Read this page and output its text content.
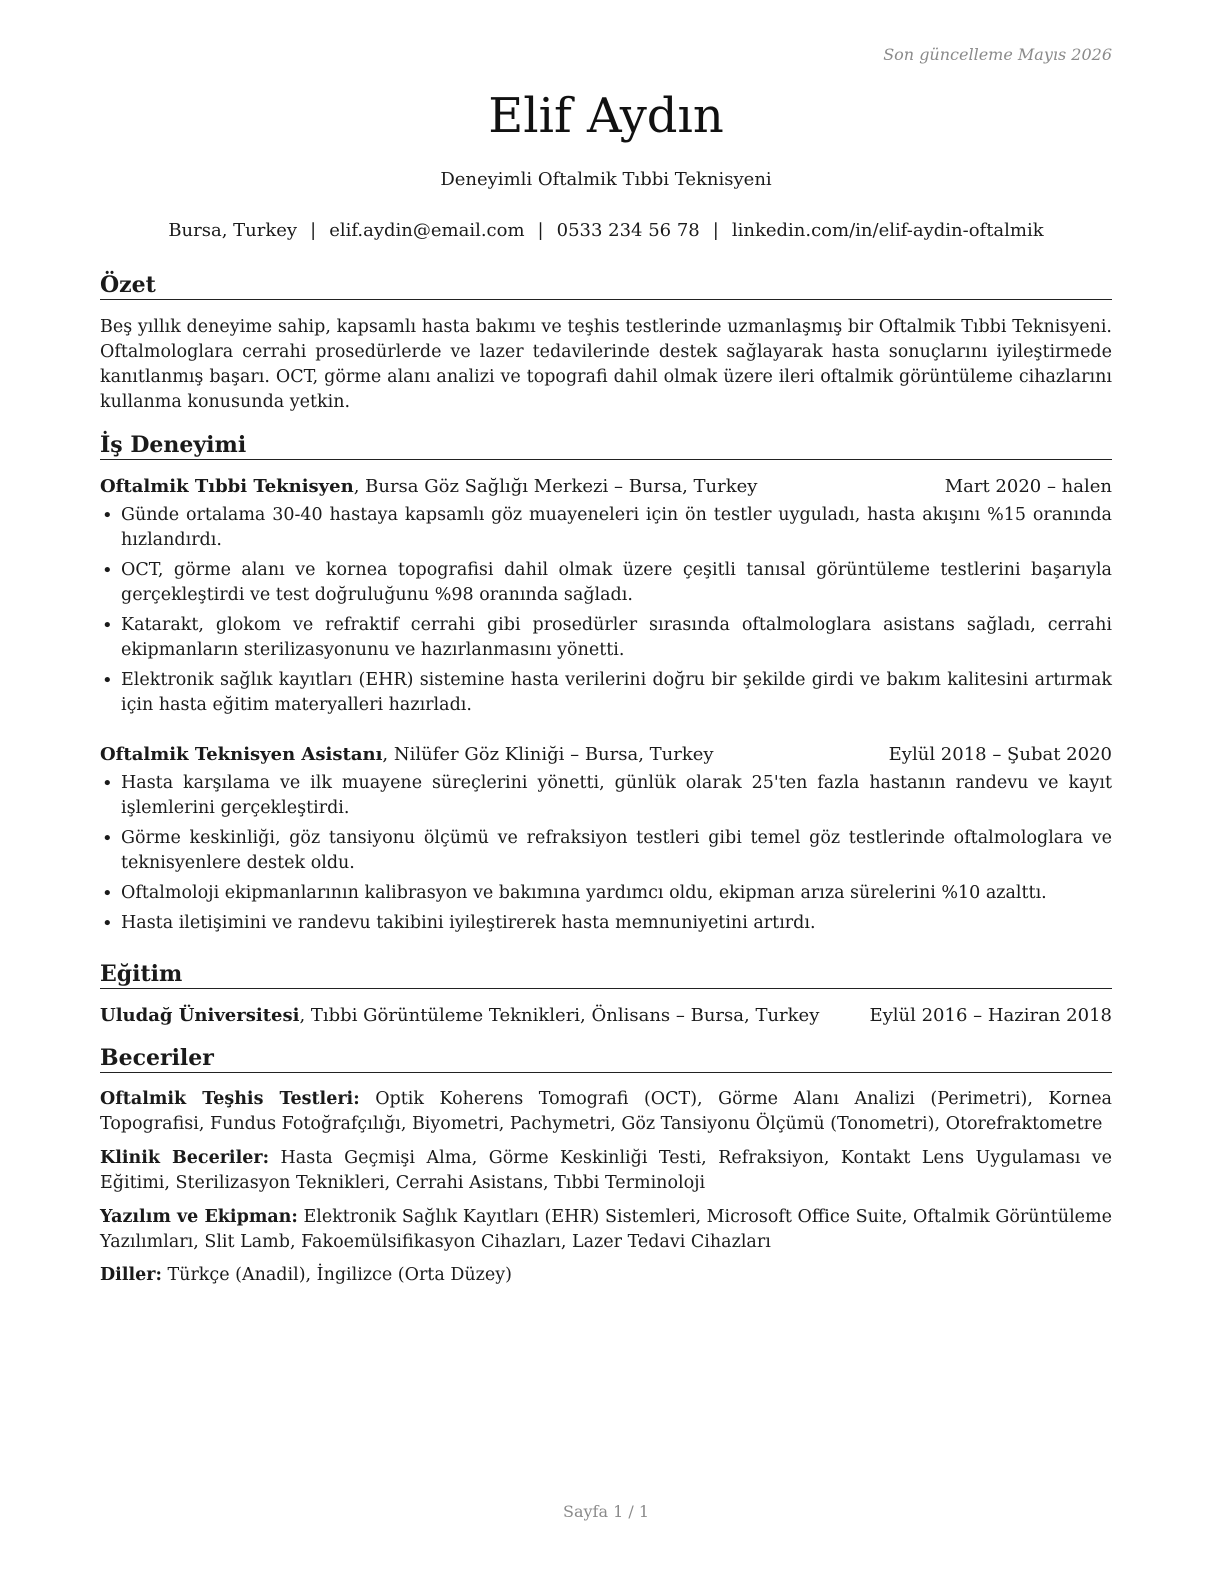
Son güncelleme Mayıs 2026
Elif Aydın
Deneyimli Oftalmik Tıbbi Teknisyeni
Bursa, Turkey | elif.aydin@email.com | 0533 234 56 78 | linkedin.com/in/elif-aydin-oftalmik
Özet
Beş yıllık deneyime sahip, kapsamlı hasta bakımı ve teşhis testlerinde uzmanlaşmış bir Oftalmik Tıbbi Teknisyeni. Oftalmologlara cerrahi prosedürlerde ve lazer tedavilerinde destek sağlayarak hasta sonuçlarını iyileştirmede kanıtlanmış başarı. OCT, görme alanı analizi ve topografi dahil olmak üzere ileri oftalmik görüntüleme cihazlarını kullanma konusunda yetkin.
İş Deneyimi
Oftalmik Tıbbi Teknisyen, Bursa Göz Sağlığı Merkezi – Bursa, Turkey	Mart 2020 – halen
• Günde ortalama 30-40 hastaya kapsamlı göz muayeneleri için ön testler uyguladı, hasta akışını %15 oranında hızlandırdı.
• OCT, görme alanı ve kornea topografisi dahil olmak üzere çeşitli tanısal görüntüleme testlerini başarıyla gerçekleştirdi ve test doğruluğunu %98 oranında sağladı.
• Katarakt, glokom ve refraktif cerrahi gibi prosedürler sırasında oftalmologlara asistans sağladı, cerrahi ekipmanların sterilizasyonunu ve hazırlanmasını yönetti.
• Elektronik sağlık kayıtları (EHR) sistemine hasta verilerini doğru bir şekilde girdi ve bakım kalitesini artırmak için hasta eğitim materyalleri hazırladı.
Oftalmik Teknisyen Asistanı, Nilüfer Göz Kliniği – Bursa, Turkey	Eylül 2018 – Şubat 2020
• Hasta karşılama ve ilk muayene süreçlerini yönetti, günlük olarak 25'ten fazla hastanın randevu ve kayıt işlemlerini gerçekleştirdi.
• Görme keskinliği, göz tansiyonu ölçümü ve refraksiyon testleri gibi temel göz testlerinde oftalmologlara ve teknisyenlere destek oldu.
• Oftalmoloji ekipmanlarının kalibrasyon ve bakımına yardımcı oldu, ekipman arıza sürelerini %10 azalttı.
• Hasta iletişimini ve randevu takibini iyileştirerek hasta memnuniyetini artırdı.
Eğitim
Uludağ Üniversitesi, Tıbbi Görüntüleme Teknikleri, Önlisans – Bursa, Turkey	Eylül 2016 – Haziran 2018
Beceriler
Oftalmik Teşhis Testleri: Optik Koherens Tomografi (OCT), Görme Alanı Analizi (Perimetri), Kornea Topografisi, Fundus Fotoğrafçılığı, Biyometri, Pachymetri, Göz Tansiyonu Ölçümü (Tonometri), Otorefraktometre
Klinik Beceriler: Hasta Geçmişi Alma, Görme Keskinliği Testi, Refraksiyon, Kontakt Lens Uygulaması ve Eğitimi, Sterilizasyon Teknikleri, Cerrahi Asistans, Tıbbi Terminoloji
Yazılım ve Ekipman: Elektronik Sağlık Kayıtları (EHR) Sistemleri, Microsoft Office Suite, Oftalmik Görüntüleme Yazılımları, Slit Lamb, Fakoemülsifikasyon Cihazları, Lazer Tedavi Cihazları
Diller: Türkçe (Anadil), İngilizce (Orta Düzey)
Sayfa 1 / 1
